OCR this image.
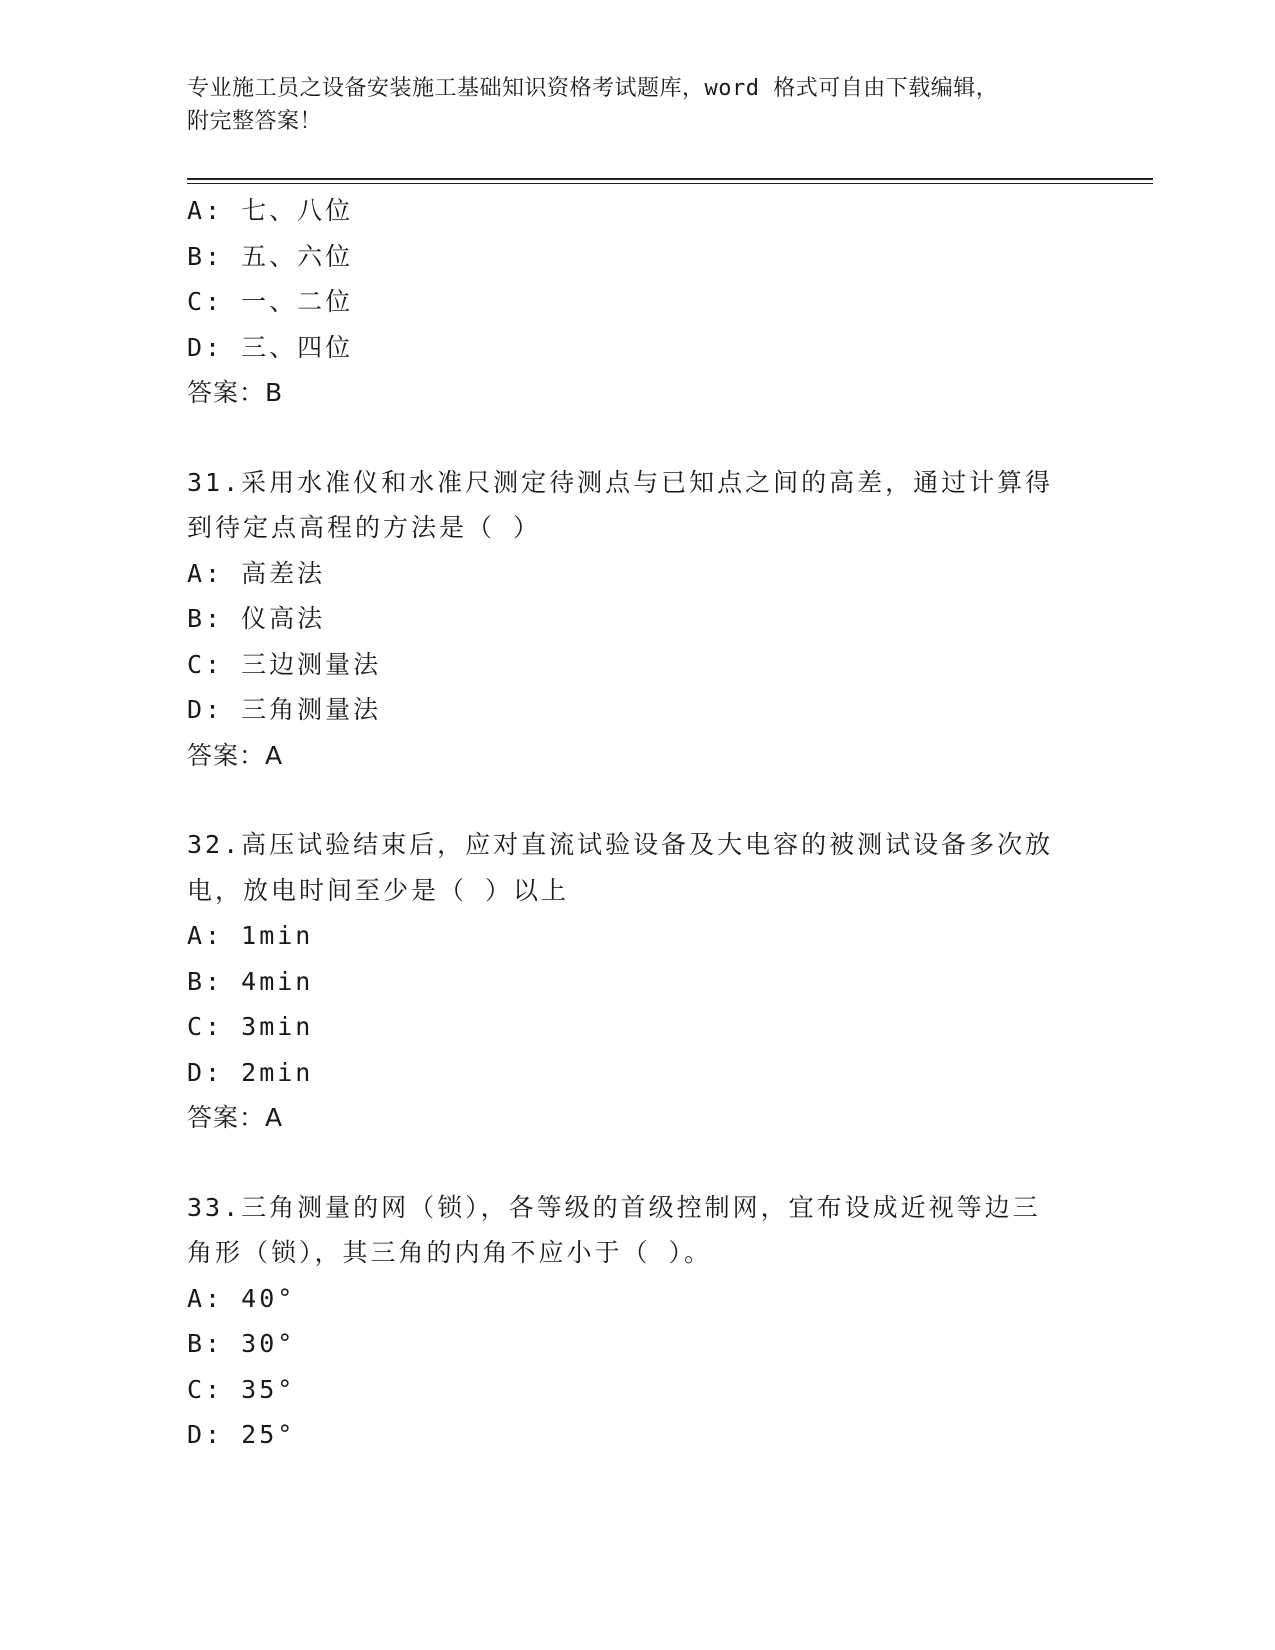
专业施工员之设备安装施工基础知识资格考试题库，word 格式可自由下载编辑，
附完整答案！
A: 七、八位
B: 五、六位
C: 一、二位
D: 三、四位
答案：B
31.采用水准仪和水准尺测定待测点与已知点之间的高差，通过计算得
到待定点高程的方法是（ ）
A: 高差法
B: 仪高法
C: 三边测量法
D: 三角测量法
答案：A
32.高压试验结束后，应对直流试验设备及大电容的被测试设备多次放
电，放电时间至少是（ ）以上
A: 1min
B: 4min
C: 3min
D: 2min
答案：A
33.三角测量的网（锁），各等级的首级控制网，宜布设成近视等边三
角形（锁），其三角的内角不应小于（ ）。
A: 40°
B: 30°
C: 35°
D: 25°
